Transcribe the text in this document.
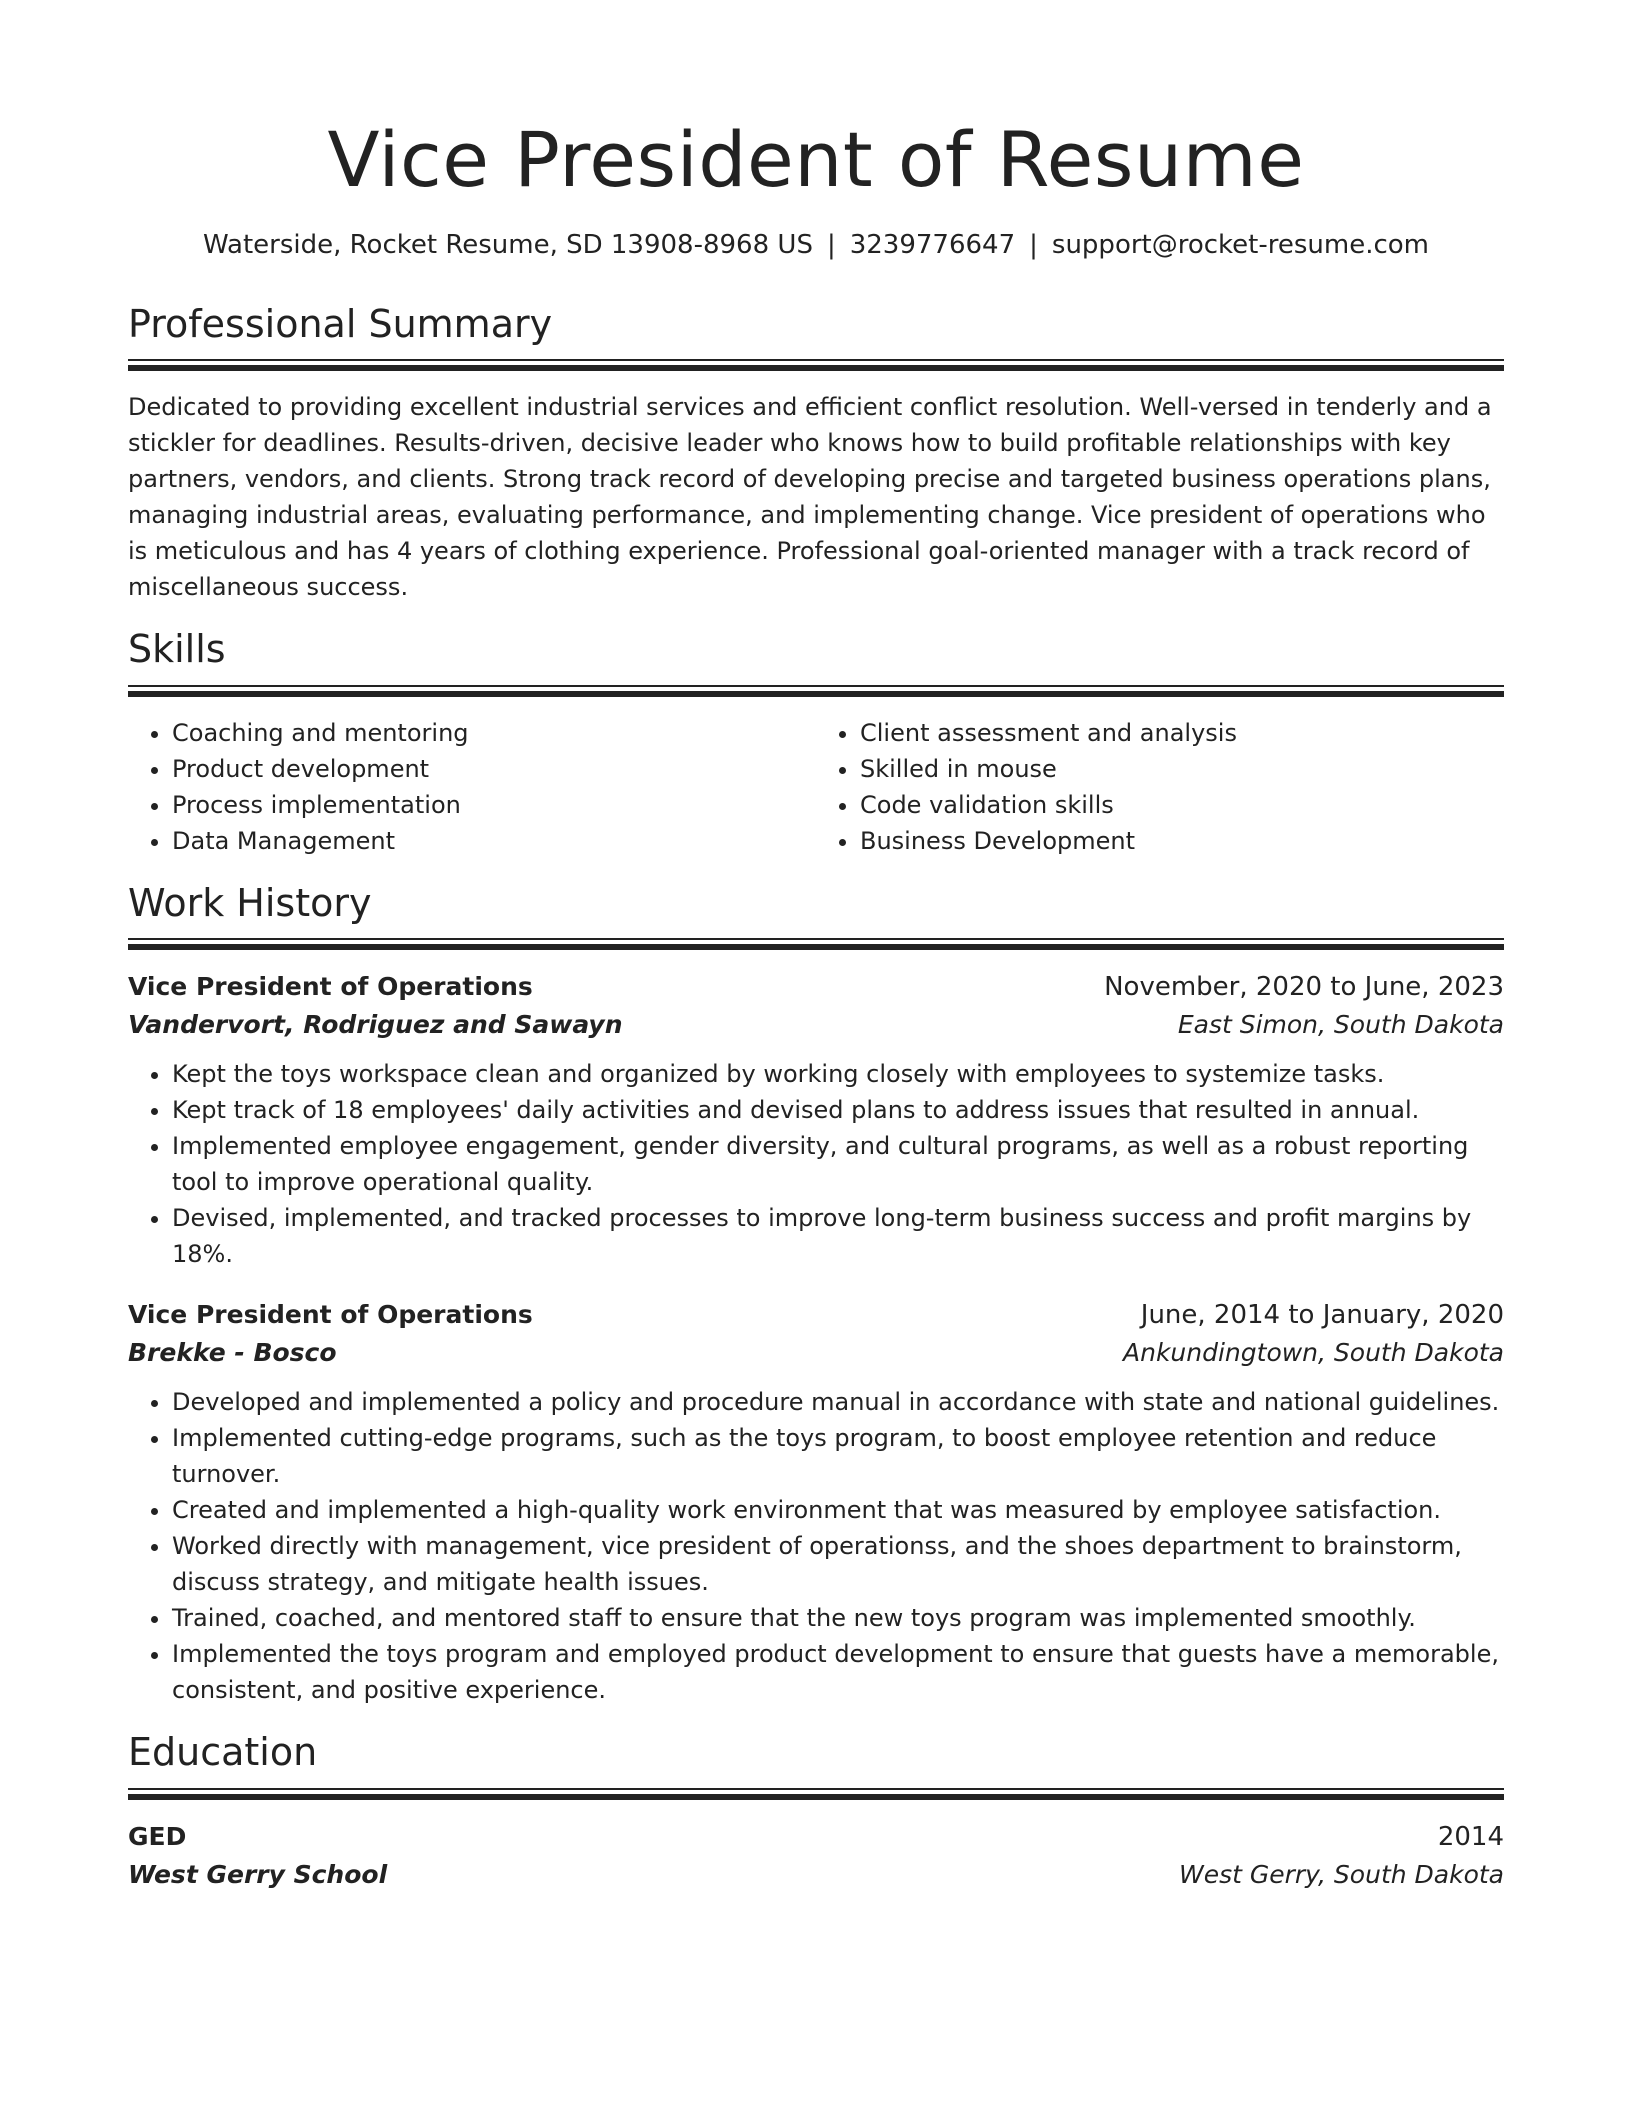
Vice President of Resume
Waterside, Rocket Resume, SD 13908-8968 US | 3239776647 | support@rocket-resume.com
Professional Summary

Dedicated to providing excellent industrial services and efficient conflict resolution. Well-versed in tenderly and a stickler for deadlines. Results-driven, decisive leader who knows how to build profitable relationships with key partners, vendors, and clients. Strong track record of developing precise and targeted business operations plans, managing industrial areas, evaluating performance, and implementing change. Vice president of operations who is meticulous and has 4 years of clothing experience. Professional goal-oriented manager with a track record of miscellaneous success.

Skills
• Coaching and mentoring
• Product development
• Process implementation
• Data Management
• Client assessment and analysis
• Skilled in mouse
• Code validation skills
• Business Development
Work History
Vice President of Operations	November, 2020 to June, 2023
Vandervort, Rodriguez and Sawayn	East Simon, South Dakota
• Kept the toys workspace clean and organized by working closely with employees to systemize tasks.
• Kept track of 18 employees' daily activities and devised plans to address issues that resulted in annual.
• Implemented employee engagement, gender diversity, and cultural programs, as well as a robust reporting tool to improve operational quality.
• Devised, implemented, and tracked processes to improve long-term business success and profit margins by 18%.
Vice President of Operations	June, 2014 to January, 2020
Brekke - Bosco	Ankundingtown, South Dakota
• Developed and implemented a policy and procedure manual in accordance with state and national guidelines.
• Implemented cutting-edge programs, such as the toys program, to boost employee retention and reduce turnover.
• Created and implemented a high-quality work environment that was measured by employee satisfaction.
• Worked directly with management, vice president of operationss, and the shoes department to brainstorm, discuss strategy, and mitigate health issues.
• Trained, coached, and mentored staff to ensure that the new toys program was implemented smoothly.
• Implemented the toys program and employed product development to ensure that guests have a memorable, consistent, and positive experience.
Education
GED	2014
West Gerry School	West Gerry, South Dakota
